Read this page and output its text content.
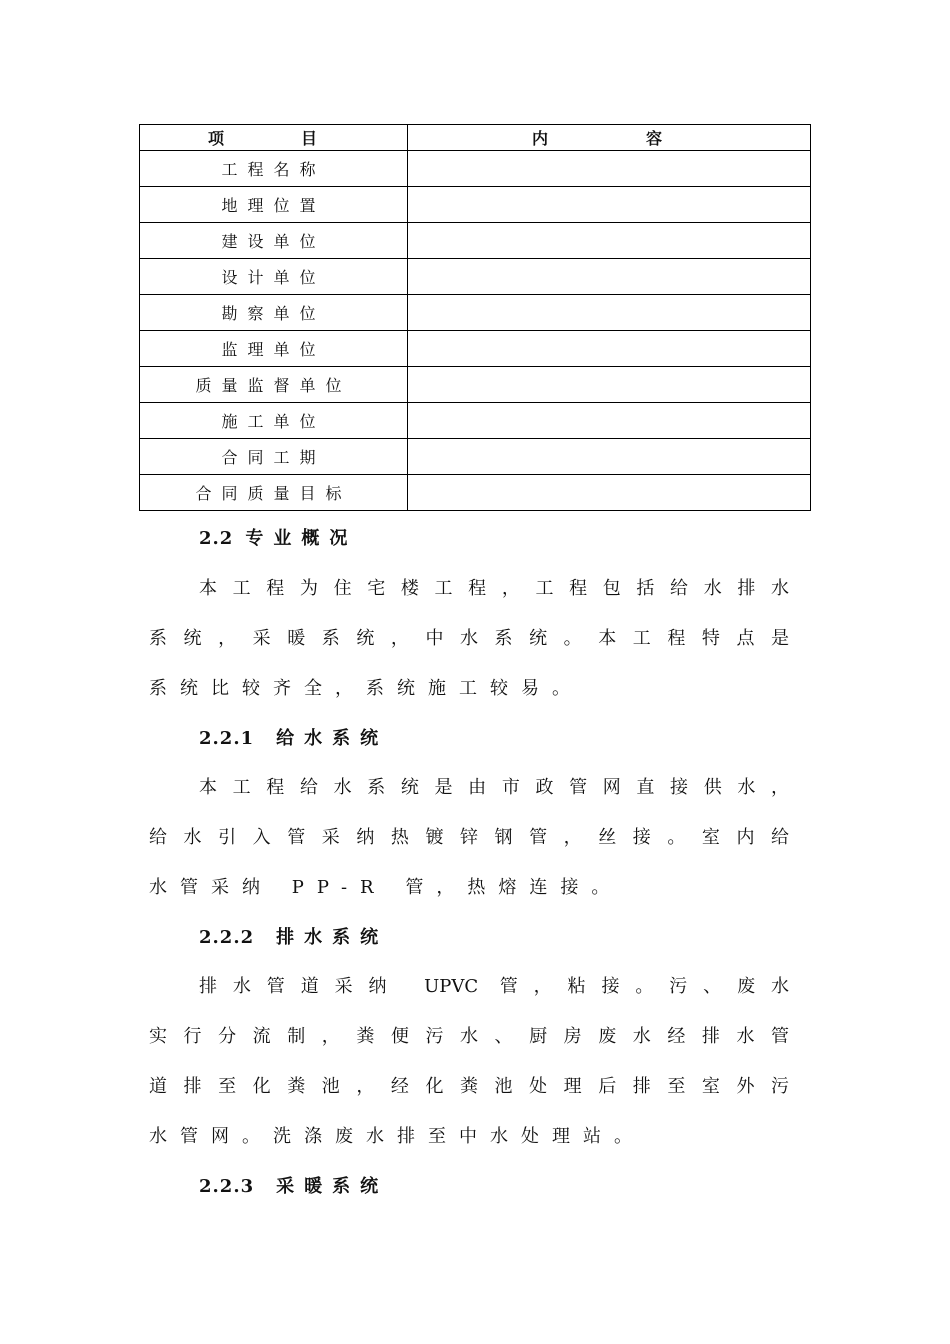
项 目	内 容

工程名称	
地理位置	
建设单位	
设计单位	
勘察单位	
监理单位	
质量监督单位	
施工单位	
合同工期	
合同质量目标	
2.2 专业概况
本工程为住宅楼工程，工程包括给水排水
系统，采暖系统，中水系统。本工程特点是
系统比较齐全，系统施工较易。
2.2.1 给水系统
本工程给水系统是由市政管网直接供水，
给水引入管采纳热镀锌钢管，丝接。室内给
水管采纳 PP-R 管，热熔连接。
2.2.2 排水系统
排水管道采纳 UPVC 管，粘接。污、废水
实行分流制，粪便污水、厨房废水经排水管
道排至化粪池，经化粪池处理后排至室外污
水管网。洗涤废水排至中水处理站。
2.2.3 采暖系统
